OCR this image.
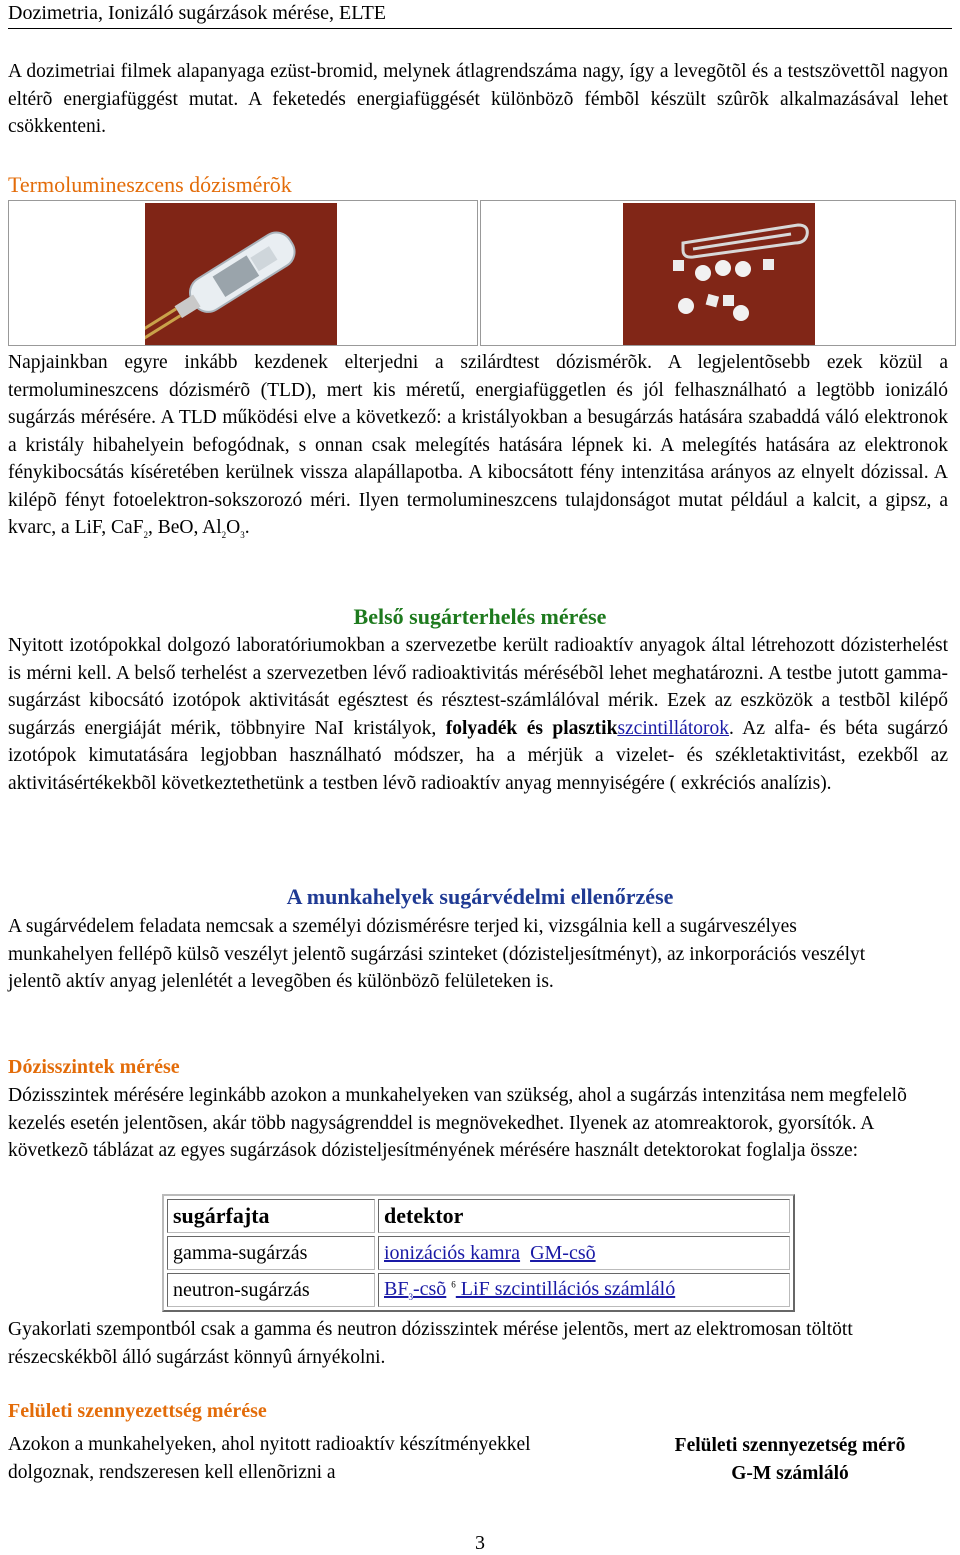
Dozimetria, Ionizáló sugárzások mérése, ELTE

A dozimetriai filmek alapanyaga ezüst-bromid, melynek átlagrendszáma nagy, így a levegõtõl és a testszövettõl nagyon eltérõ energiafüggést mutat. A feketedés energiafüggését különbözõ fémbõl készült szûrõk alkalmazásával lehet csökkenteni.

Termolumineszcens dózismérõk

Napjainkban egyre inkább kezdenek elterjedni a szilárdtest dózismérõk. A legjelentõsebb ezek közül a termolumineszcens dózismérõ (TLD), mert kis méretű, energiafüggetlen és jól felhasználható a legtöbb ionizáló sugárzás mérésére. A TLD működési elve a következő: a kristályokban a besugárzás hatására szabaddá váló elektronok a kristály hibahelyein befogódnak, s onnan csak melegítés hatására lépnek ki. A melegítés hatására az elektronok fénykibocsátás kíséretében kerülnek vissza alapállapotba. A kibocsátott fény intenzitása arányos az elnyelt dózissal. A kilépõ fényt fotoelektron-sokszorozó méri. Ilyen termolumineszcens tulajdonságot mutat például a kalcit, a gipsz, a kvarc, a LiF, CaF$_2$, BeO, $Al_2O_3$.

Belső sugárterhelés mérése

Nyitott izotópokkal dolgozó laboratóriumokban a szervezetbe került radioaktív anyagok által létrehozott dózisterhelést is mérni kell. A belső terhelést a szervezetben lévő radioaktivitás mérésébõl lehet meghatározni. A testbe jutott gamma-sugárzást kibocsátó izotópok aktivitását egésztest és résztest-számlálóval mérik. Ezek az eszközök a testbõl kilépő sugárzás energiáját mérik, többnyire NaI kristályok, folyadék és plasztikszcintillátorok. Az alfa- és béta sugárzó izotópok kimutatására legjobban használható módszer, ha a mérjük a vizelet- és székletaktivitást, ezekből az aktivitásértékekbõl következtethetünk a testben lévõ radioaktív anyag mennyiségére ( exkréciós analízis).

A munkahelyek sugárvédelmi ellenőrzése

A sugárvédelem feladata nemcsak a személyi dózismérésre terjed ki, vizsgálnia kell a sugárveszélyes munkahelyen fellépõ külsõ veszélyt jelentõ sugárzási szinteket (dózisteljesítményt), az inkorporációs veszélyt jelentõ aktív anyag jelenlétét a levegõben és különbözõ felületeken is.

Dózisszintek mérése

Dózisszintek mérésére leginkább azokon a munkahelyeken van szükség, ahol a sugárzás intenzitása nem megfelelõ kezelés esetén jelentõsen, akár több nagyságrenddel is megnövekedhet. Ilyenek az atomreaktorok, gyorsítók. A következõ táblázat az egyes sugárzások dózisteljesítményének mérésére használt detektorokat foglalja össze:

sugárfajta	detektor
gamma-sugárzás	ionizációs kamra GM-csõ
neutron-sugárzás	$BF_3$-csõ $^6$ LiF szcintillációs számláló

Gyakorlati szempontból csak a gamma és neutron dózisszintek mérése jelentõs, mert az elektromosan töltött részecskékbõl álló sugárzást könnyû árnyékolni.

Felületi szennyezettség mérése

Azokon a munkahelyeken, ahol nyitott radioaktív készítményekkel dolgoznak, rendszeresen kell ellenõrizni a

Felületi szennyezetség mérõ
G-M számláló
3
